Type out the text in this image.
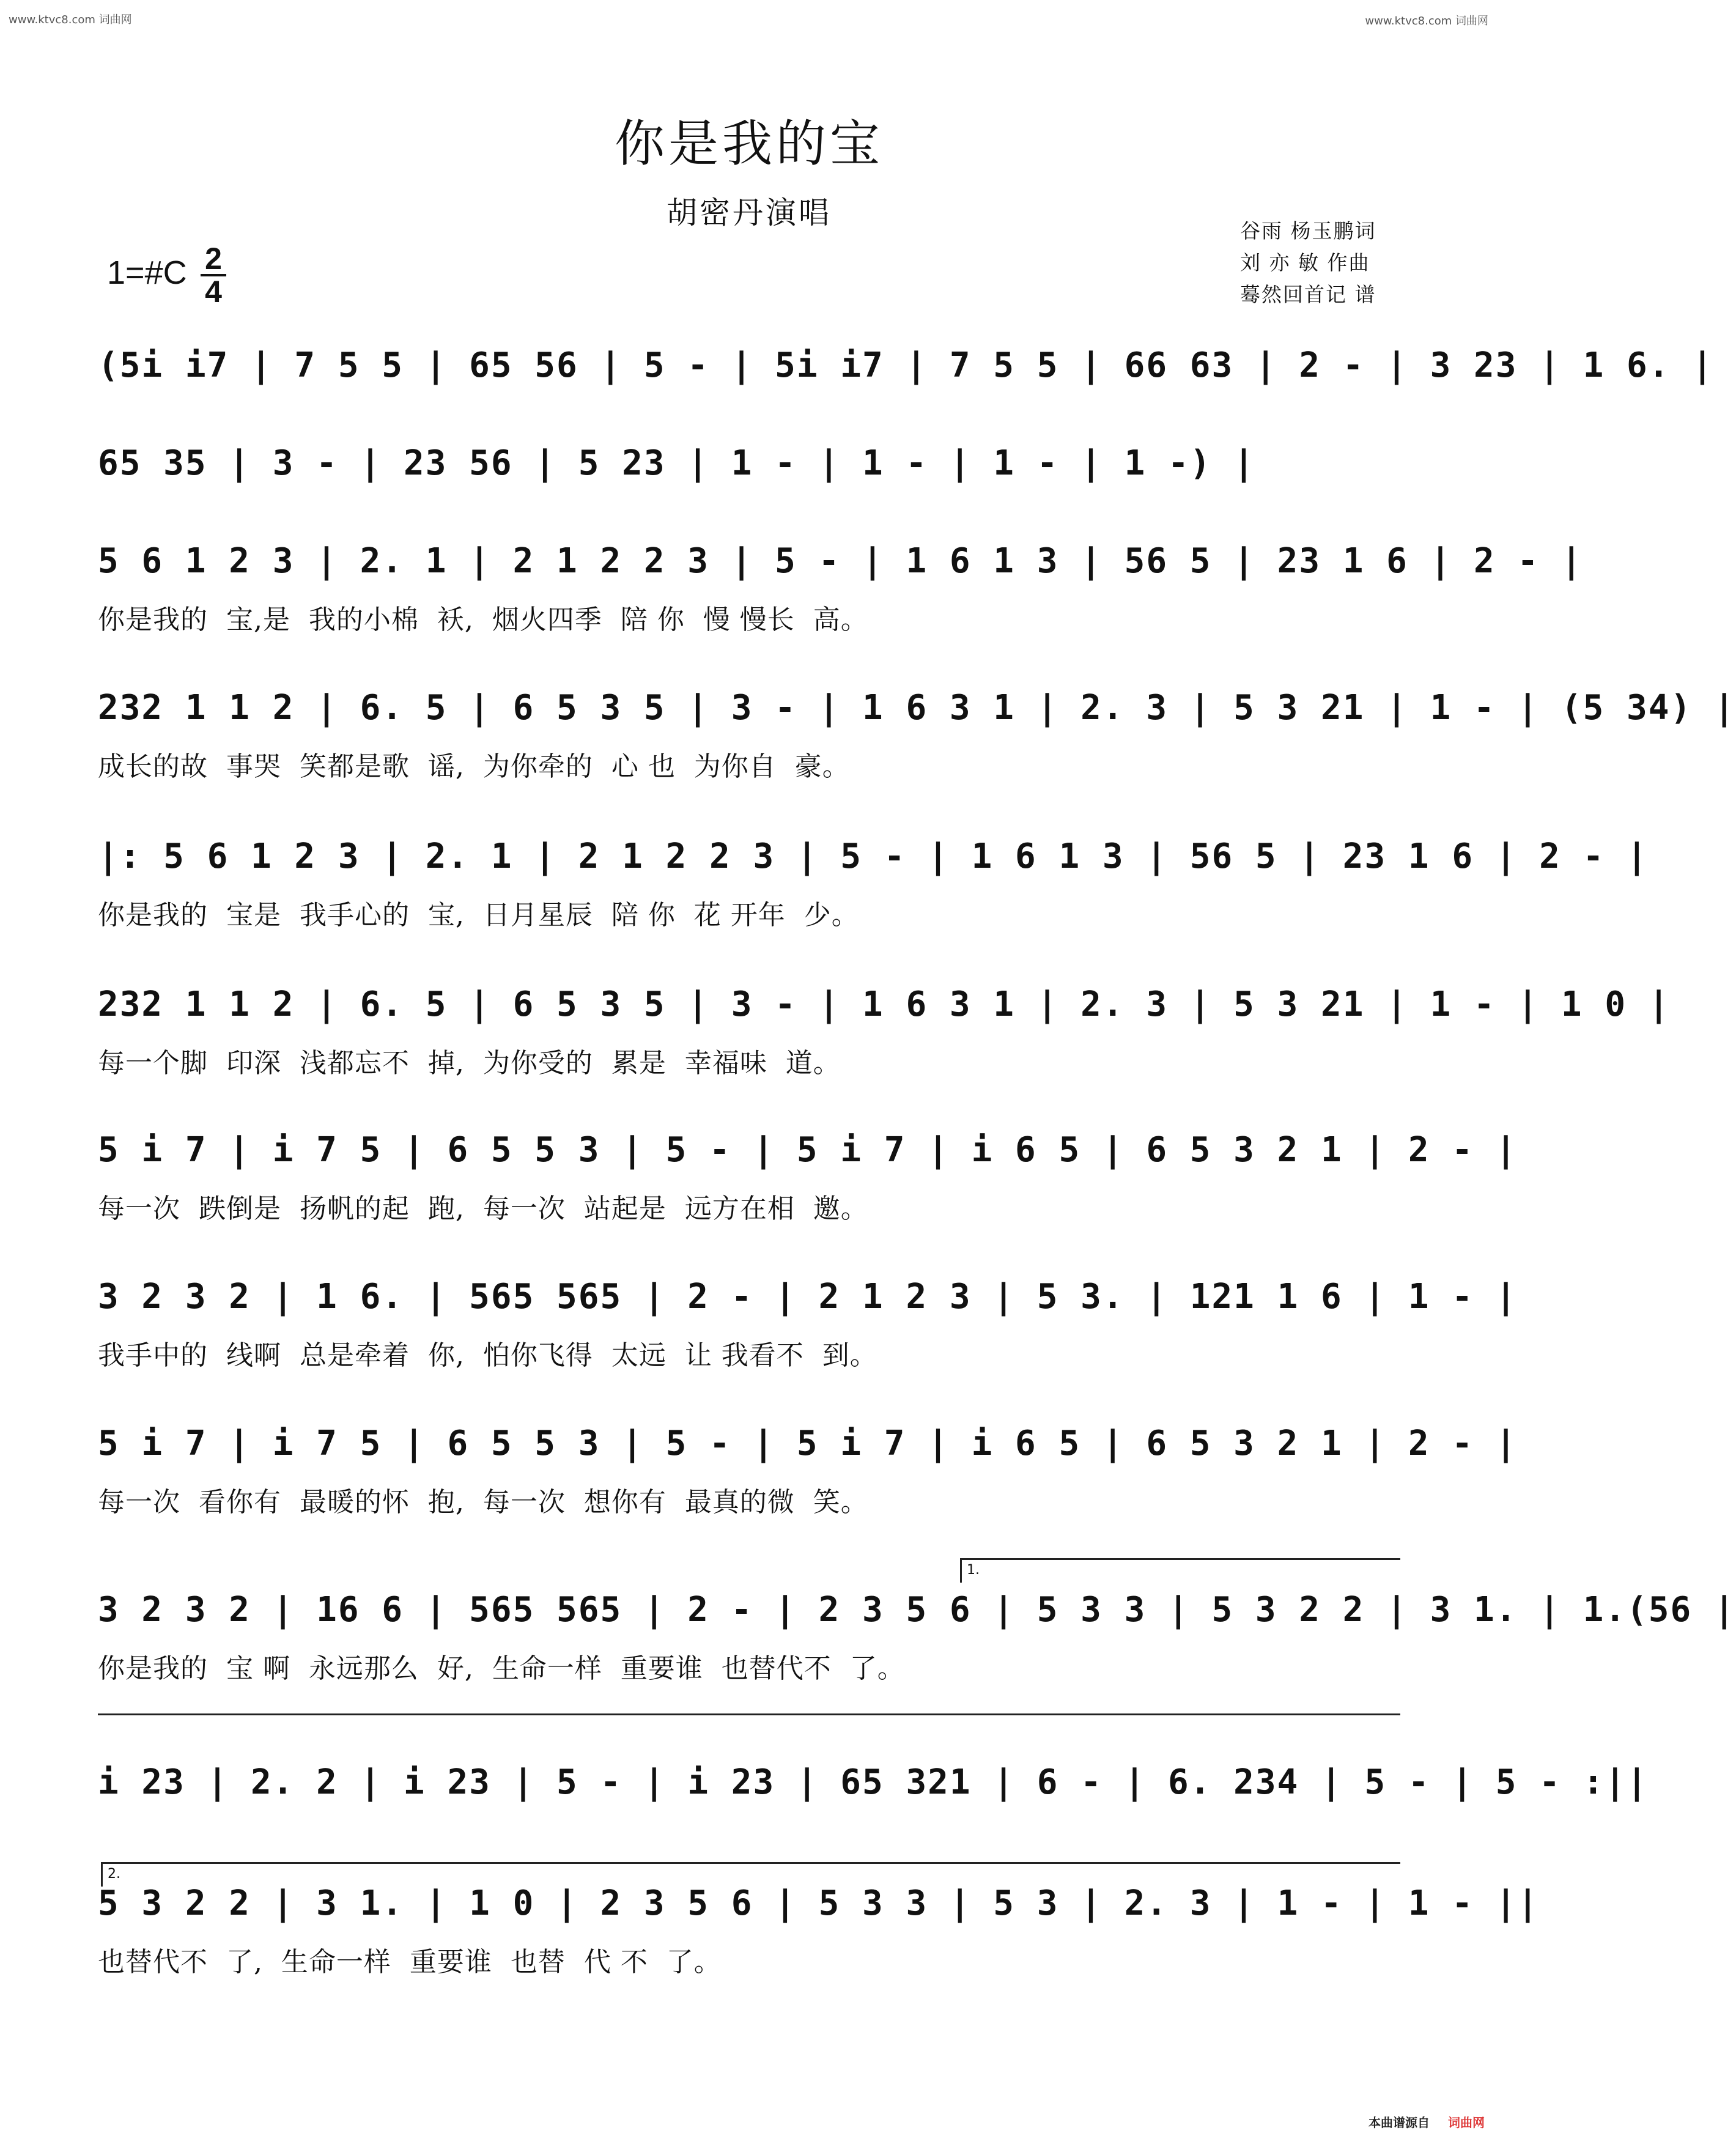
www.ktvc8.com 词曲网	www.ktvc8.com 词曲网
你是我的宝
胡密丹演唱
谷雨 杨玉鹏词
刘 亦 敏 作曲
蓦然回首记 谱
1=#C 2
4
(5i i7 | 7 5 5 | 65 56 | 5 - | 5i i7 | 7 5 5 | 66 63 | 2 - | 3 23 | 1 6. |
65 35 | 3 - | 23 56 | 5 23 | 1 - | 1 - | 1 - | 1 -) |
5 6 1 2 3 | 2. 1 | 2 1 2 2 3 | 5 - | 1 6 1 3 | 56 5 | 23 1 6 | 2 - |
你是我的  宝,是  我的小棉  袄,  烟火四季  陪 你  慢 慢长  高。
232 1 1 2 | 6. 5 | 6 5 3 5 | 3 - | 1 6 3 1 | 2. 3 | 5 3 21 | 1 - | (5 34) |
成长的故  事哭  笑都是歌  谣,  为你牵的  心 也  为你自  豪。
|: 5 6 1 2 3 | 2. 1 | 2 1 2 2 3 | 5 - | 1 6 1 3 | 56 5 | 23 1 6 | 2 - |
你是我的  宝是  我手心的  宝,  日月星辰  陪 你  花 开年  少。
232 1 1 2 | 6. 5 | 6 5 3 5 | 3 - | 1 6 3 1 | 2. 3 | 5 3 21 | 1 - | 1 0 |
每一个脚  印深  浅都忘不  掉,  为你受的  累是  幸福味  道。
5 i 7 | i 7 5 | 6 5 5 3 | 5 - | 5 i 7 | i 6 5 | 6 5 3 2 1 | 2 - |
每一次  跌倒是  扬帆的起  跑,  每一次  站起是  远方在相  邀。
3 2 3 2 | 1 6. | 565 565 | 2 - | 2 1 2 3 | 5 3. | 121 1 6 | 1 - |
我手中的  线啊  总是牵着  你,  怕你飞得  太远  让 我看不  到。
5 i 7 | i 7 5 | 6 5 5 3 | 5 - | 5 i 7 | i 6 5 | 6 5 3 2 1 | 2 - |
每一次  看你有  最暖的怀  抱,  每一次  想你有  最真的微  笑。
1.
3 2 3 2 | 16 6 | 565 565 | 2 - | 2 3 5 6 | 5 3 3 | 5 3 2 2 | 3 1. | 1.(56 |
你是我的  宝 啊  永远那么  好,  生命一样  重要谁  也替代不  了。
i 23 | 2. 2 | i 23 | 5 - | i 23 | 65 321 | 6 - | 6. 234 | 5 - | 5 - :||
2.
5 3 2 2 | 3 1. | 1 0 | 2 3 5 6 | 5 3 3 | 5 3 | 2. 3 | 1 - | 1 - ||
也替代不  了,  生命一样  重要谁  也替  代 不  了。
本曲谱源自 词曲网
